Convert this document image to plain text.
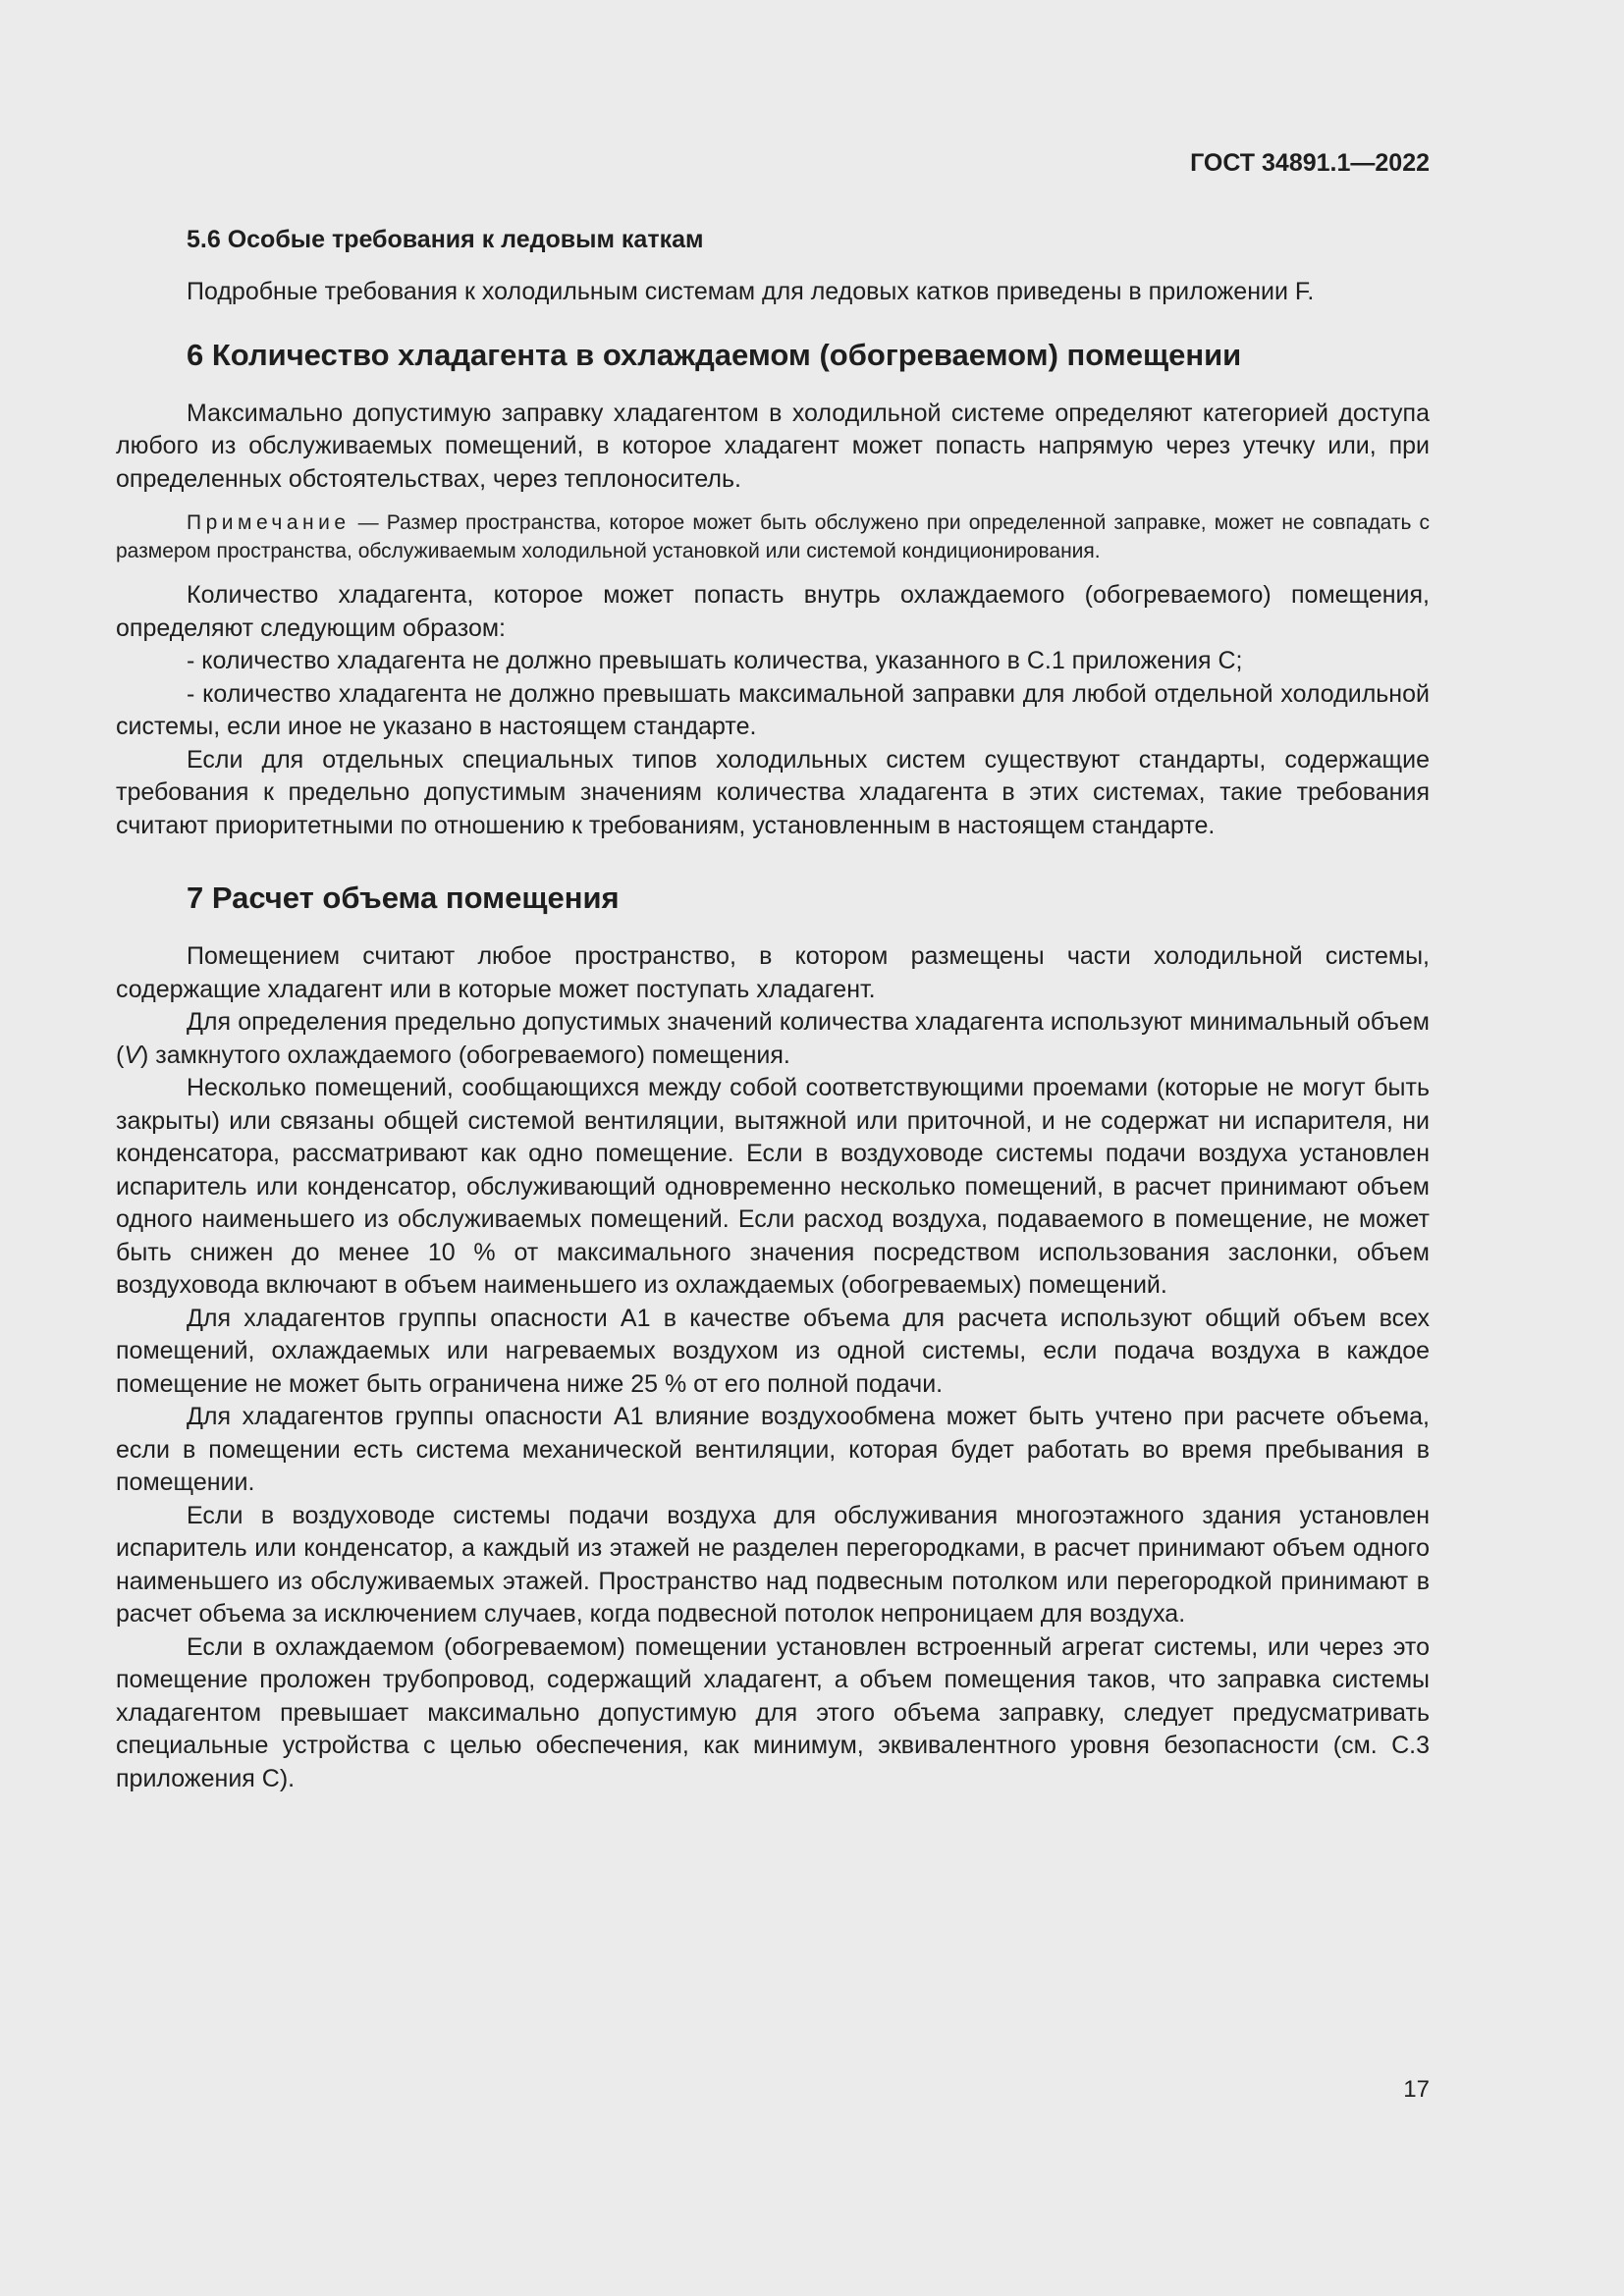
ГОСТ 34891.1—2022

5.6 Особые требования к ледовым каткам

Подробные требования к холодильным системам для ледовых катков приведены в приложении F.

6 Количество хладагента в охлаждаемом (обогреваемом) помещении

Максимально допустимую заправку хладагентом в холодильной системе определяют категорией доступа любого из обслуживаемых помещений, в которое хладагент может попасть напрямую через утечку или, при определенных обстоятельствах, через теплоноситель.

Примечание — Размер пространства, которое может быть обслужено при определенной заправке, может не совпадать с размером пространства, обслуживаемым холодильной установкой или системой кондиционирования.

Количество хладагента, которое может попасть внутрь охлаждаемого (обогреваемого) помещения, определяют следующим образом:

- количество хладагента не должно превышать количества, указанного в С.1 приложения С;

- количество хладагента не должно превышать максимальной заправки для любой отдельной холодильной системы, если иное не указано в настоящем стандарте.

Если для отдельных специальных типов холодильных систем существуют стандарты, содержащие требования к предельно допустимым значениям количества хладагента в этих системах, такие требования считают приоритетными по отношению к требованиям, установленным в настоящем стандарте.

7 Расчет объема помещения

Помещением считают любое пространство, в котором размещены части холодильной системы, содержащие хладагент или в которые может поступать хладагент.

Для определения предельно допустимых значений количества хладагента используют минимальный объем (V) замкнутого охлаждаемого (обогреваемого) помещения.

Несколько помещений, сообщающихся между собой соответствующими проемами (которые не могут быть закрыты) или связаны общей системой вентиляции, вытяжной или приточной, и не содержат ни испарителя, ни конденсатора, рассматривают как одно помещение. Если в воздуховоде системы подачи воздуха установлен испаритель или конденсатор, обслуживающий одновременно несколько помещений, в расчет принимают объем одного наименьшего из обслуживаемых помещений. Если расход воздуха, подаваемого в помещение, не может быть снижен до менее 10 % от максимального значения посредством использования заслонки, объем воздуховода включают в объем наименьшего из охлаждаемых (обогреваемых) помещений.

Для хладагентов группы опасности А1 в качестве объема для расчета используют общий объем всех помещений, охлаждаемых или нагреваемых воздухом из одной системы, если подача воздуха в каждое помещение не может быть ограничена ниже 25 % от его полной подачи.

Для хладагентов группы опасности А1 влияние воздухообмена может быть учтено при расчете объема, если в помещении есть система механической вентиляции, которая будет работать во время пребывания в помещении.

Если в воздуховоде системы подачи воздуха для обслуживания многоэтажного здания установлен испаритель или конденсатор, а каждый из этажей не разделен перегородками, в расчет принимают объем одного наименьшего из обслуживаемых этажей. Пространство над подвесным потолком или перегородкой принимают в расчет объема за исключением случаев, когда подвесной потолок непроницаем для воздуха.

Если в охлаждаемом (обогреваемом) помещении установлен встроенный агрегат системы, или через это помещение проложен трубопровод, содержащий хладагент, а объем помещения таков, что заправка системы хладагентом превышает максимально допустимую для этого объема заправку, следует предусматривать специальные устройства с целью обеспечения, как минимум, эквивалентного уровня безопасности (см. С.3 приложения С).

17
